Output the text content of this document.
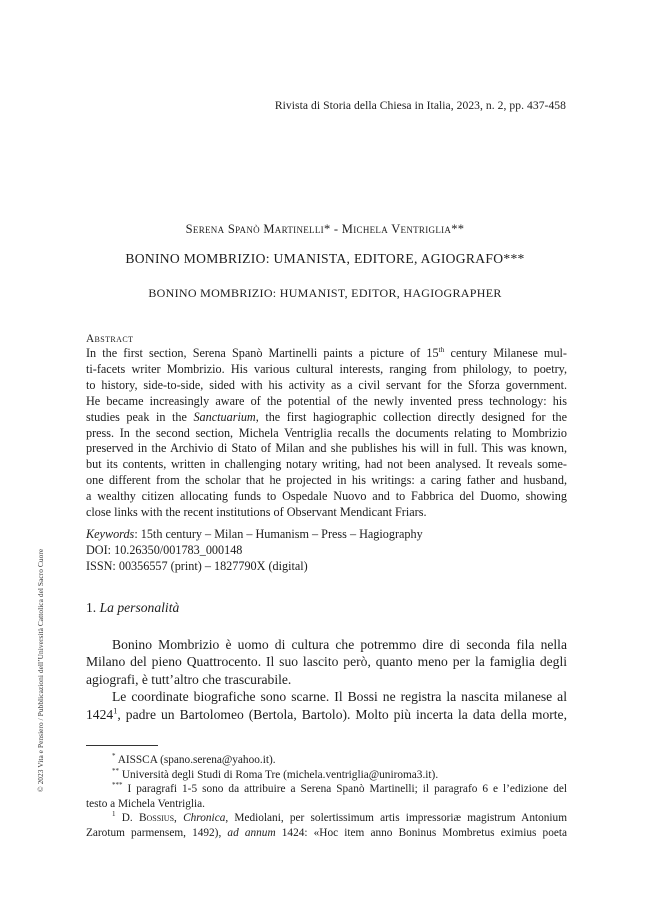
Rivista di Storia della Chiesa in Italia, 2023, n. 2, pp. 437-458
Serena Spanò Martinelli* - Michela Ventriglia**
BONINO MOMBRIZIO: UMANISTA, EDITORE, AGIOGRAFO***
BONINO MOMBRIZIO: HUMANIST, EDITOR, HAGIOGRAPHER
Abstract
In the first section, Serena Spanò Martinelli paints a picture of 15th century Milanese mul-
ti-facets writer Mombrizio. His various cultural interests, ranging from philology, to poetry,
to history, side-to-side, sided with his activity as a civil servant for the Sforza government.
He became increasingly aware of the potential of the newly invented press technology: his
studies peak in the Sanctuarium, the first hagiographic collection directly designed for the
press. In the second section, Michela Ventriglia recalls the documents relating to Mombrizio
preserved in the Archivio di Stato of Milan and she publishes his will in full. This was known,
but its contents, written in challenging notary writing, had not been analysed. It reveals some-
one different from the scholar that he projected in his writings: a caring father and husband,
a wealthy citizen allocating funds to Ospedale Nuovo and to Fabbrica del Duomo, showing
close links with the recent institutions of Observant Mendicant Friars.
Keywords: 15th century – Milan – Humanism – Press – Hagiography
DOI: 10.26350/001783_000148
ISSN: 00356557 (print) – 1827790X (digital)
1. La personalità
Bonino Mombrizio è uomo di cultura che potremmo dire di seconda fila nella
Milano del pieno Quattrocento. Il suo lascito però, quanto meno per la famiglia degli
agiografi, è tutt’altro che trascurabile.
Le coordinate biografiche sono scarne. Il Bossi ne registra la nascita milanese al
1424$^1$, padre un Bartolomeo (Bertola, Bartolo). Molto più incerta la data della morte,
* AISSCA (spano.serena@yahoo.it).
** Università degli Studi di Roma Tre (michela.ventriglia@uniroma3.it).
*** I paragrafi 1-5 sono da attribuire a Serena Spanò Martinelli; il paragrafo 6 e l’edizione del
testo a Michela Ventriglia.
$^1$ D. Bossius, Chronica, Mediolani, per solertissimum artis impressoriæ magistrum Antonium
Zarotum parmensem, 1492), ad annum 1424: «Hoc item anno Boninus Mombretus eximius poeta
© 2023 Vita e Pensiero / Pubblicazioni dell’Università Cattolica del Sacro Cuore
